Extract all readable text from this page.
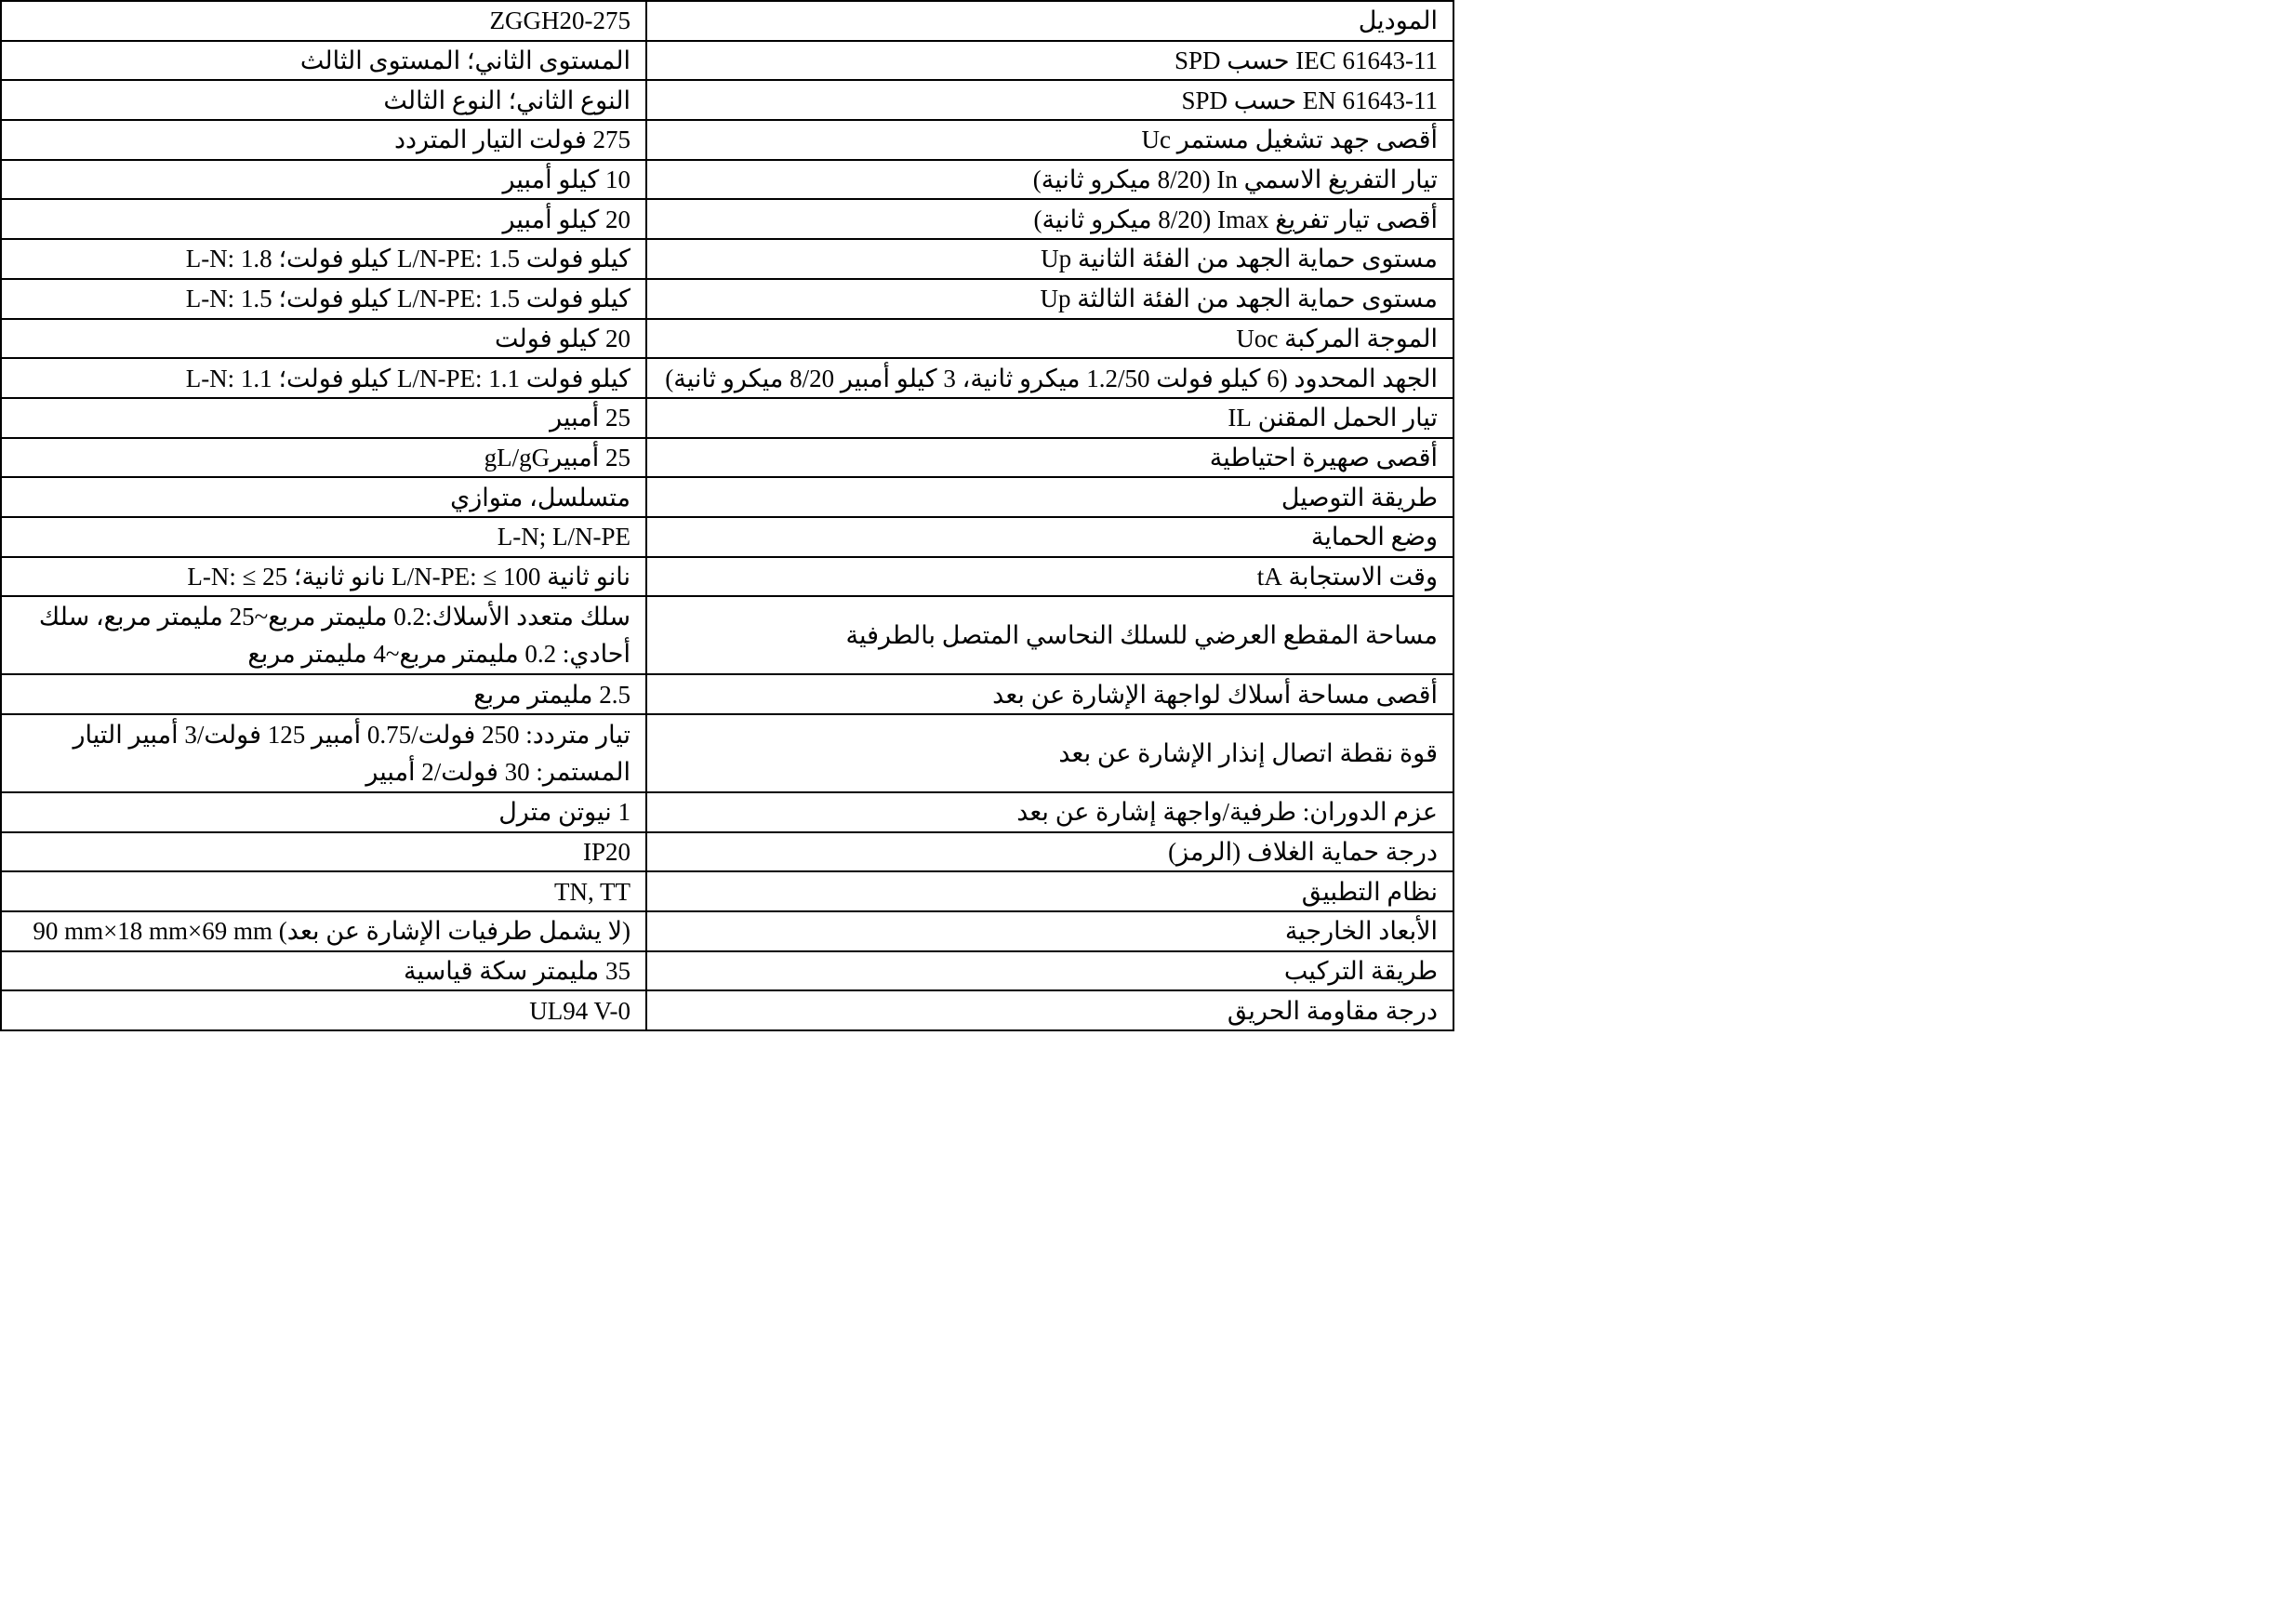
الموديل	ZGGH20-275
SPD حسب IEC 61643-11	المستوى الثاني؛ المستوى الثالث
SPD حسب EN 61643-11	النوع الثاني؛ النوع الثالث
أقصى جهد تشغيل مستمر Uc	275 فولت التيار المتردد
تيار التفريغ الاسمي In (8/20 ميكرو ثانية)	10 كيلو أمبير
أقصى تيار تفريغ Imax (8/20 ميكرو ثانية)	20 كيلو أمبير
مستوى حماية الجهد من الفئة الثانية Up	L-N: 1.8 كيلو فولت؛ L/N-PE: 1.5 كيلو فولت
مستوى حماية الجهد من الفئة الثالثة Up	L-N: 1.5 كيلو فولت؛ L/N-PE: 1.5 كيلو فولت
الموجة المركبة Uoc	20 كيلو فولت
الجهد المحدود (6 كيلو فولت 1.2/50 ميكرو ثانية، 3 كيلو أمبير 8/20 ميكرو ثانية)	L-N: 1.1 كيلو فولت؛ L/N-PE: 1.1 كيلو فولت
تيار الحمل المقنن IL	25 أمبير
أقصى صهيرة احتياطية	25 أمبيرgL/gG
طريقة التوصيل	متسلسل، متوازي
وضع الحماية	L-N; L/N-PE
وقت الاستجابة tA	L-N: ≤ 25 نانو ثانية؛ L/N-PE: ≤ 100 نانو ثانية
مساحة المقطع العرضي للسلك النحاسي المتصل بالطرفية	سلك متعدد الأسلاك:0.2 مليمتر مربع~25 مليمتر مربع، سلك أحادي: 0.2 مليمتر مربع~4 مليمتر مربع
أقصى مساحة أسلاك لواجهة الإشارة عن بعد	2.5 مليمتر مربع
قوة نقطة اتصال إنذار الإشارة عن بعد	تيار متردد: 250 فولت/0.75 أمبير 125 فولت/3 أمبير التيار المستمر: 30 فولت/2 أمبير
عزم الدوران: طرفية/واجهة إشارة عن بعد	1 نيوتن مترل
درجة حماية الغلاف (الرمز)	IP20
نظام التطبيق	TN, TT
الأبعاد الخارجية	90 mm×18 mm×69 mm (لا يشمل طرفيات الإشارة عن بعد)
طريقة التركيب	35 مليمتر سكة قياسية
درجة مقاومة الحريق	UL94 V-0
